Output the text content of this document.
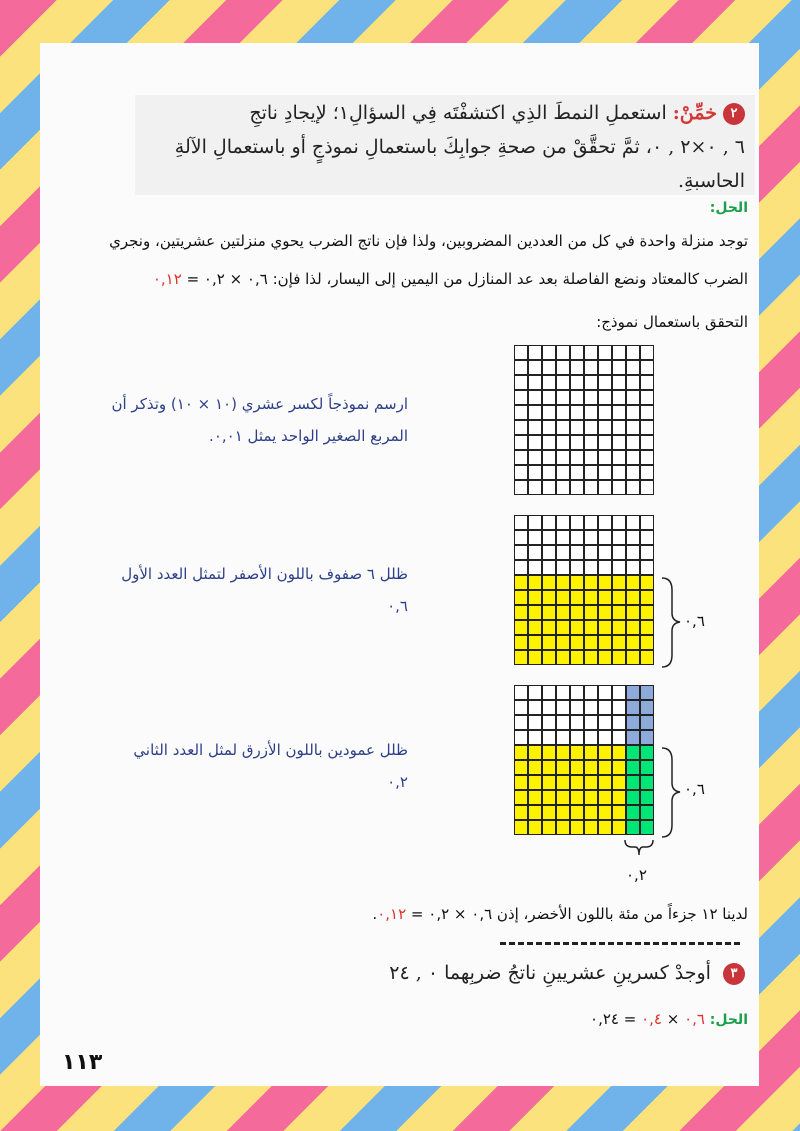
٢خمِّنْ: استعملِ النمطَ الذِي اكتشفْتَه فِي السؤالِ١؛ لإيجادِ ناتجِ
٦ , ٠×٢ , ٠، ثمَّ تحقَّقْ من صحةِ جوابِكَ باستعمالِ نموذجٍ أو باستعمالِ الآلةِ
الحاسبةِ.
الحل:
توجد منزلة واحدة في كل من العددين المضروبين، ولذا فإن ناتج الضرب يحوي منزلتين عشريتين، ونجري
الضرب كالمعتاد ونضع الفاصلة بعد عد المنازل من اليمين إلى اليسار، لذا فإن: ٠,٦ × ٠,٢ = ٠,١٢
التحقق باستعمال نموذج:
ارسم نموذجاً لكسر عشري (١٠ × ١٠) وتذكر أن المربع الصغير الواحد يمثل ٠,٠١.
ظلل ٦ صفوف باللون الأصفر لتمثل العدد الأول ٠,٦
ظلل عمودين باللون الأزرق لمثل العدد الثاني ٠,٢
٠,٦
٠,٦
٠,٢
لدينا ١٢ جزءاً من مئة باللون الأخضر، إذن ٠,٦ × ٠,٢ = ٠,١٢.
٣ أوجدْ كسرينِ عشريينِ ناتجُ ضربِهما ٠ , ٢٤
الحل: ٠,٦ × ٠,٤ = ٠,٢٤
١١٣
